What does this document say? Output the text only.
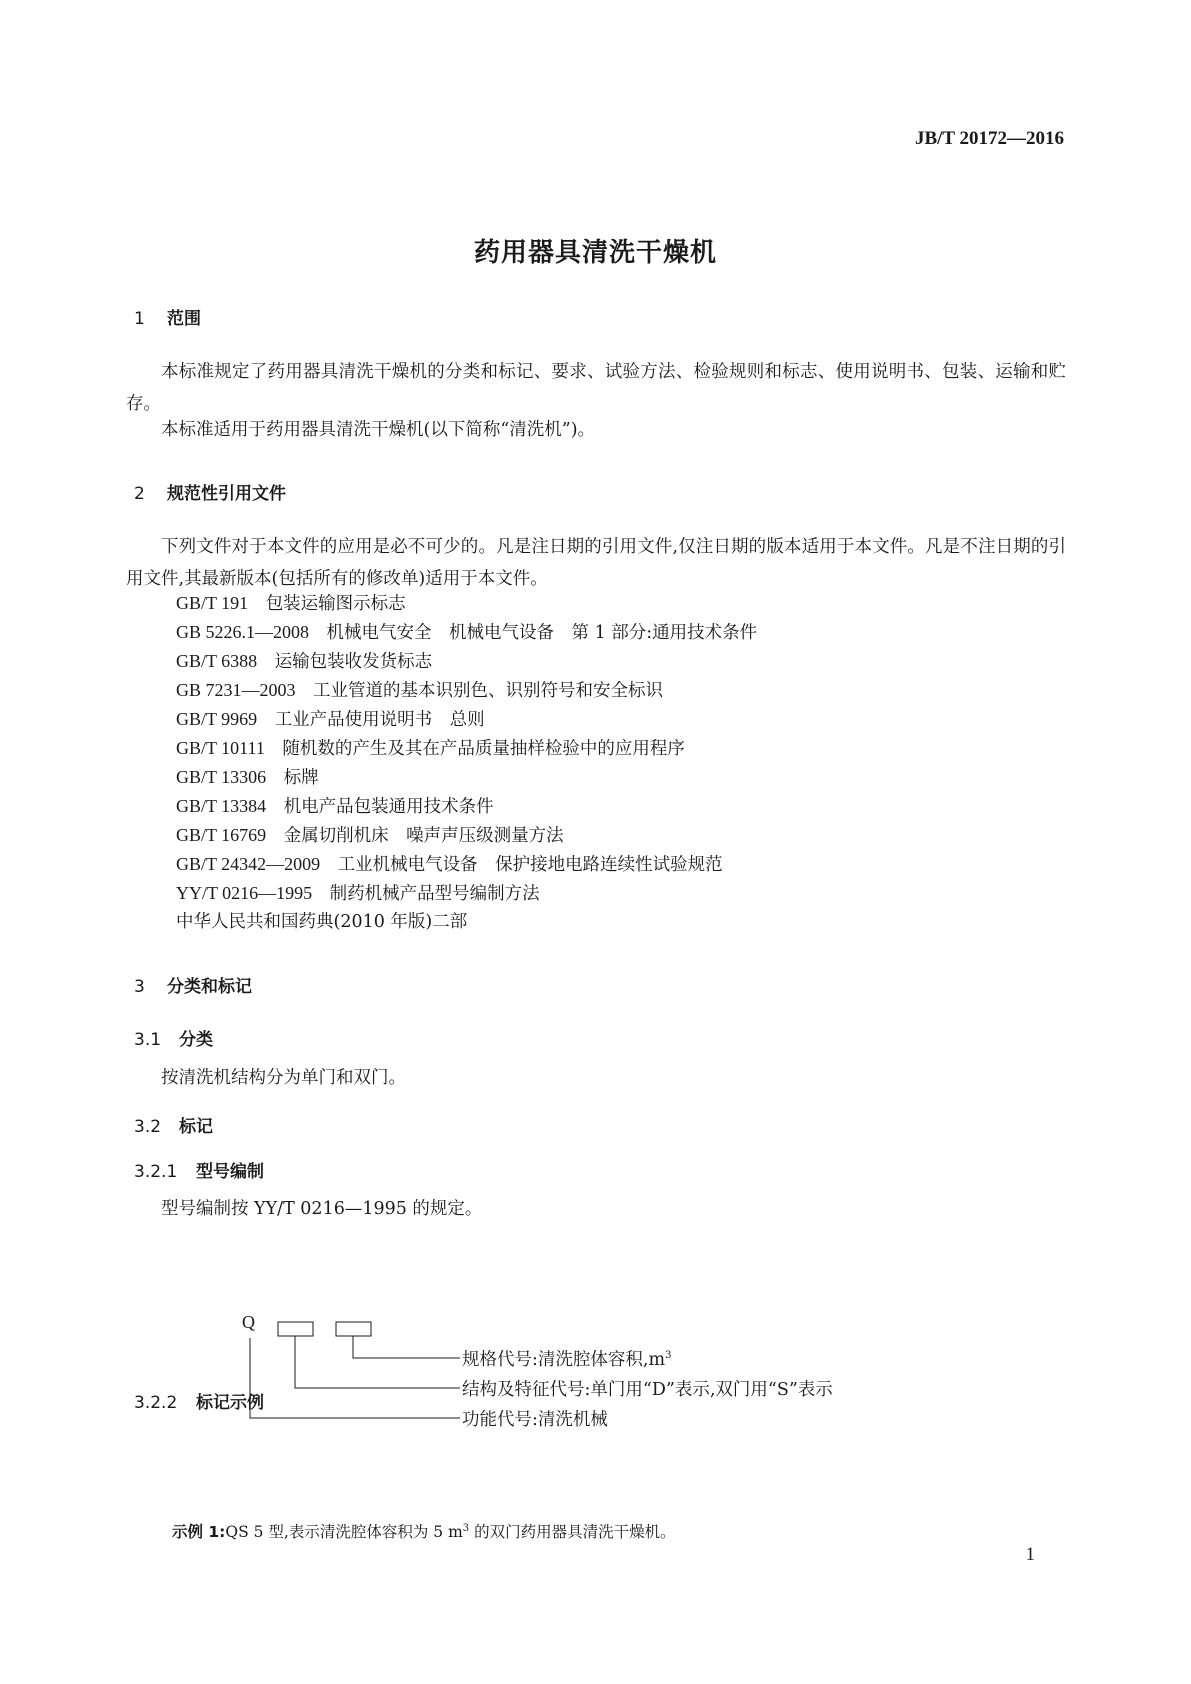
JB/T 20172—2016
药用器具清洗干燥机
1 范围
本标准规定了药用器具清洗干燥机的分类和标记、要求、试验方法、检验规则和标志、使用说明书、包装、运输和贮存。
本标准适用于药用器具清洗干燥机(以下简称“清洗机”)。
2 规范性引用文件
下列文件对于本文件的应用是必不可少的。凡是注日期的引用文件,仅注日期的版本适用于本文件。凡是不注日期的引用文件,其最新版本(包括所有的修改单)适用于本文件。
GB/T 191　 包装运输图示标志
GB 5226.1—2008　 机械电气安全　机械电气设备　第 1 部分:通用技术条件
GB/T 6388　 运输包装收发货标志
GB 7231—2003　 工业管道的基本识别色、识别符号和安全标识
GB/T 9969　 工业产品使用说明书　总则
GB/T 10111　 随机数的产生及其在产品质量抽样检验中的应用程序
GB/T 13306　 标牌
GB/T 13384　 机电产品包装通用技术条件
GB/T 16769　 金属切削机床　噪声声压级测量方法
GB/T 24342—2009　 工业机械电气设备　保护接地电路连续性试验规范
YY/T 0216—1995　 制药机械产品型号编制方法
中华人民共和国药典(2010 年版)二部
3 分类和标记
3.1 分类
按清洗机结构分为单门和双门。
3.2 标记
3.2.1 型号编制
型号编制按 YY/T 0216—1995 的规定。
Q
规格代号:清洗腔体容积$,m^3$
结构及特征代号:单门用“D”表示,双门用“S”表示
功能代号:清洗机械
3.2.2 标记示例
示例 1:QS 5 型,表示清洗腔体容积为 5 $m^3$ 的双门药用器具清洗干燥机。
1
